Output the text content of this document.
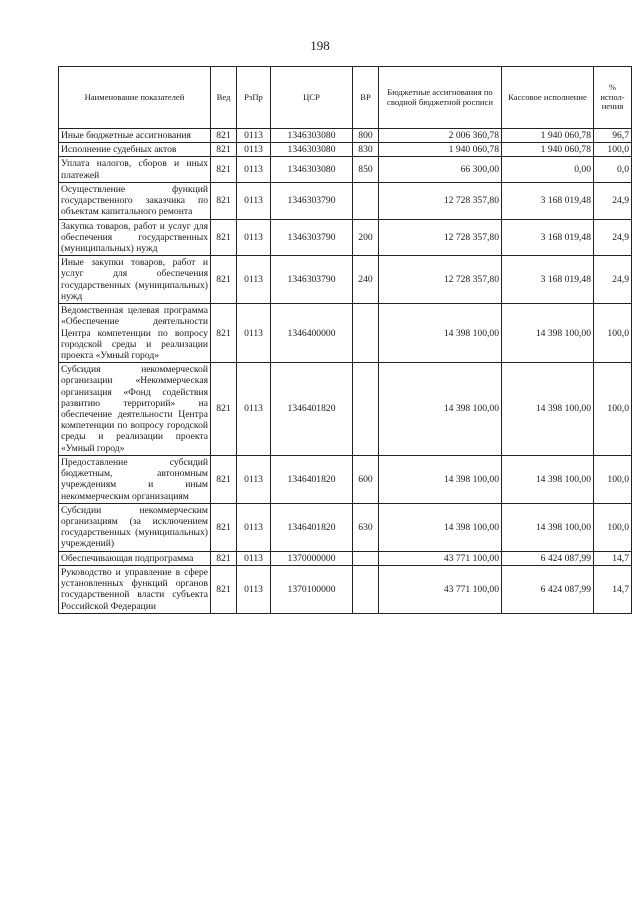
198
Наименование показателей	Вед	РзПр	ЦСР	ВР	Бюджетные ассигнования по сводной бюджетной росписи	Кассовое исполнение	% испол-нения
Иные бюджетные ассигнования	821	0113	1346303080	800	2 006 360,78	1 940 060,78	96,7
Исполнение судебных актов	821	0113	1346303080	830	1 940 060,78	1 940 060,78	100,0
Уплата налогов, сборов и иных платежей	821	0113	1346303080	850	66 300,00	0,00	0,0
Осуществление функций государственного заказчика по объектам капитального ремонта	821	0113	1346303790		12 728 357,80	3 168 019,48	24,9
Закупка товаров, работ и услуг для обеспечения государственных (муниципальных) нужд	821	0113	1346303790	200	12 728 357,80	3 168 019,48	24,9
Иные закупки товаров, работ и услуг для обеспечения государственных (муниципальных) нужд	821	0113	1346303790	240	12 728 357,80	3 168 019,48	24,9
Ведомственная целевая программа «Обеспечение деятельности Центра компетенции по вопросу городской среды и реализации проекта «Умный город»	821	0113	1346400000		14 398 100,00	14 398 100,00	100,0
Субсидия некоммерческой организации «Некоммерческая организация «Фонд содействия развитию территорий» на обеспечение деятельности Центра компетенции по вопросу городской среды и реализации проекта «Умный город»	821	0113	1346401820		14 398 100,00	14 398 100,00	100,0
Предоставление субсидий бюджетным, автономным учреждениям и иным некоммерческим организациям	821	0113	1346401820	600	14 398 100,00	14 398 100,00	100,0
Субсидии некоммерческим организациям (за исключением государственных (муниципальных) учреждений)	821	0113	1346401820	630	14 398 100,00	14 398 100,00	100,0
Обеспечивающая подпрограмма	821	0113	1370000000		43 771 100,00	6 424 087,99	14,7
Руководство и управление в сфере установленных функций органов государственной власти субъекта Российской Федерации	821	0113	1370100000		43 771 100,00	6 424 087,99	14,7
